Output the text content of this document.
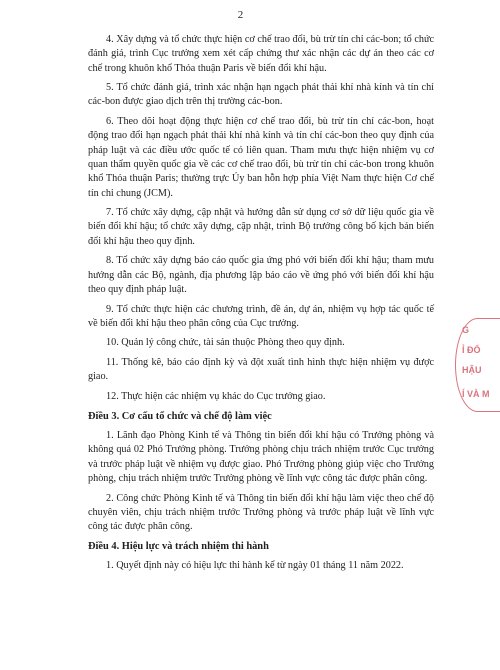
2

4. Xây dựng và tổ chức thực hiện cơ chế trao đổi, bù trừ tín chỉ các-bon; tổ chức đánh giá, trình Cục trưởng xem xét cấp chứng thư xác nhận các dự án theo các cơ chế trong khuôn khổ Thỏa thuận Paris về biến đổi khí hậu.

5. Tổ chức đánh giá, trình xác nhận hạn ngạch phát thải khí nhà kính và tín chỉ các-bon được giao dịch trên thị trường các-bon.

6. Theo dõi hoạt động thực hiện cơ chế trao đổi, bù trừ tín chỉ các-bon, hoạt động trao đổi hạn ngạch phát thải khí nhà kính và tín chỉ các-bon theo quy định của pháp luật và các điều ước quốc tế có liên quan. Tham mưu thực hiện nhiệm vụ cơ quan thẩm quyền quốc gia về các cơ chế trao đổi, bù trừ tín chỉ các-bon trong khuôn khổ Thỏa thuận Paris; thường trực Ủy ban hỗn hợp phía Việt Nam thực hiện Cơ chế tín chỉ chung (JCM).

7. Tổ chức xây dựng, cập nhật và hướng dẫn sử dụng cơ sở dữ liệu quốc gia về biến đổi khí hậu; tổ chức xây dựng, cập nhật, trình Bộ trưởng công bố kịch bản biến đổi khí hậu theo quy định.

8. Tổ chức xây dựng báo cáo quốc gia ứng phó với biến đổi khí hậu; tham mưu hướng dẫn các Bộ, ngành, địa phương lập báo cáo về ứng phó với biến đổi khí hậu theo quy định pháp luật.

9. Tổ chức thực hiện các chương trình, đề án, dự án, nhiệm vụ hợp tác quốc tế về biến đổi khí hậu theo phân công của Cục trưởng.

10. Quản lý công chức, tài sản thuộc Phòng theo quy định.

11. Thống kê, báo cáo định kỳ và đột xuất tình hình thực hiện nhiệm vụ được giao.

12. Thực hiện các nhiệm vụ khác do Cục trưởng giao.

Điều 3. Cơ cấu tổ chức và chế độ làm việc

1. Lãnh đạo Phòng Kinh tế và Thông tin biến đổi khí hậu có Trưởng phòng và không quá 02 Phó Trưởng phòng. Trưởng phòng chịu trách nhiệm trước Cục trưởng và trước pháp luật về nhiệm vụ được giao. Phó Trưởng phòng giúp việc cho Trưởng phòng, chịu trách nhiệm trước Trưởng phòng về lĩnh vực công tác được phân công.

2. Công chức Phòng Kinh tế và Thông tin biến đổi khí hậu làm việc theo chế độ chuyên viên, chịu trách nhiệm trước Trưởng phòng và trước pháp luật về lĩnh vực công tác được phân công.

Điều 4. Hiệu lực và trách nhiệm thi hành

1. Quyết định này có hiệu lực thi hành kể từ ngày 01 tháng 11 năm 2022.

G
Ỉ ĐỔ
HẬU
Í VÀ M
